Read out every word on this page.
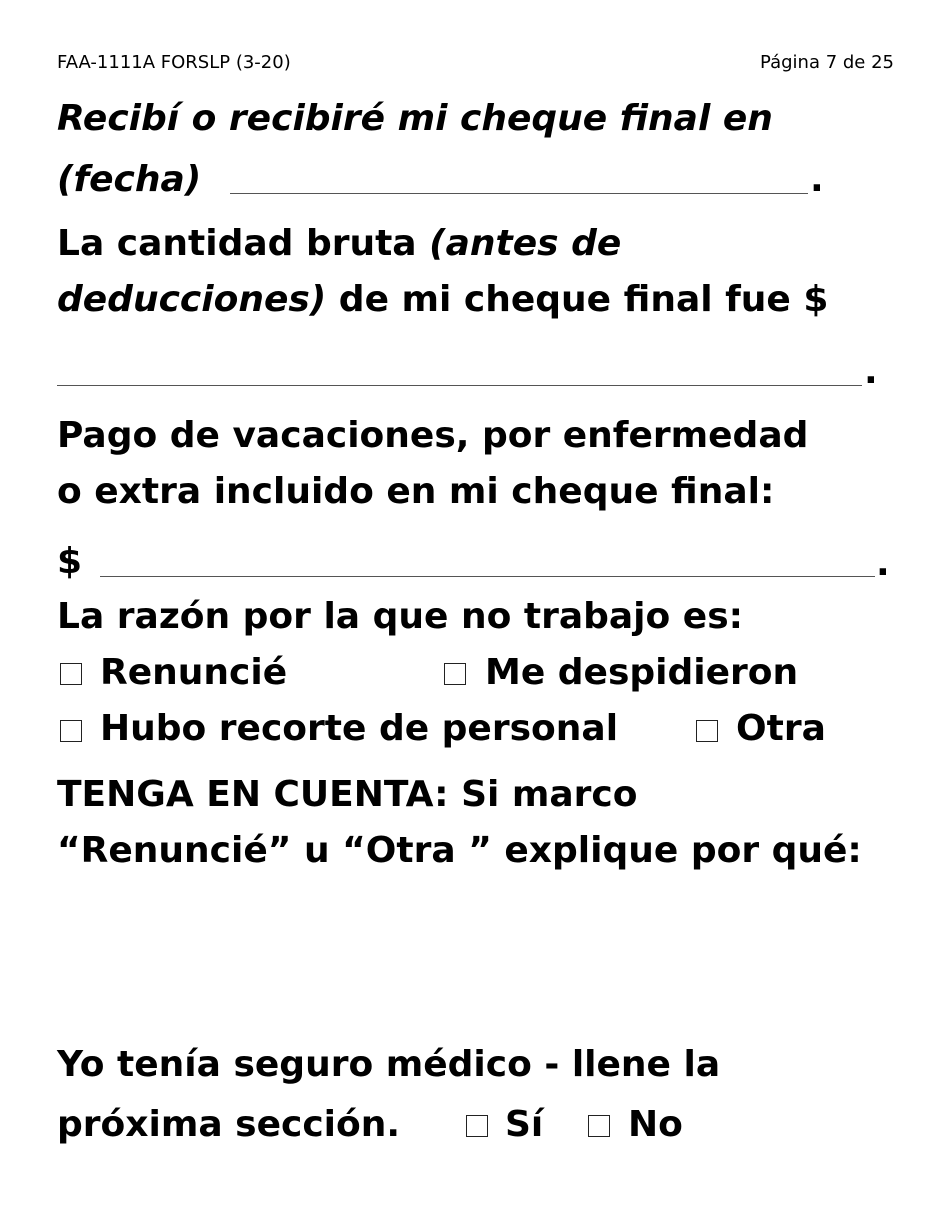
FAA-1111A FORSLP (3-20)	Página 7 de 25
Recibí o recibiré mi cheque final en
(fecha)	.
La cantidad bruta (antes de
deducciones) de mi cheque final fue $
.
Pago de vacaciones, por enfermedad
o extra incluido en mi cheque final:
$	.
La razón por la que no trabajo es:
Renuncié	Me despidieron
Hubo recorte de personal	Otra
TENGA EN CUENTA: Si marco
“Renuncié” u “Otra ” explique por qué:
Yo tenía seguro médico - llene la
próxima sección.	Sí No
